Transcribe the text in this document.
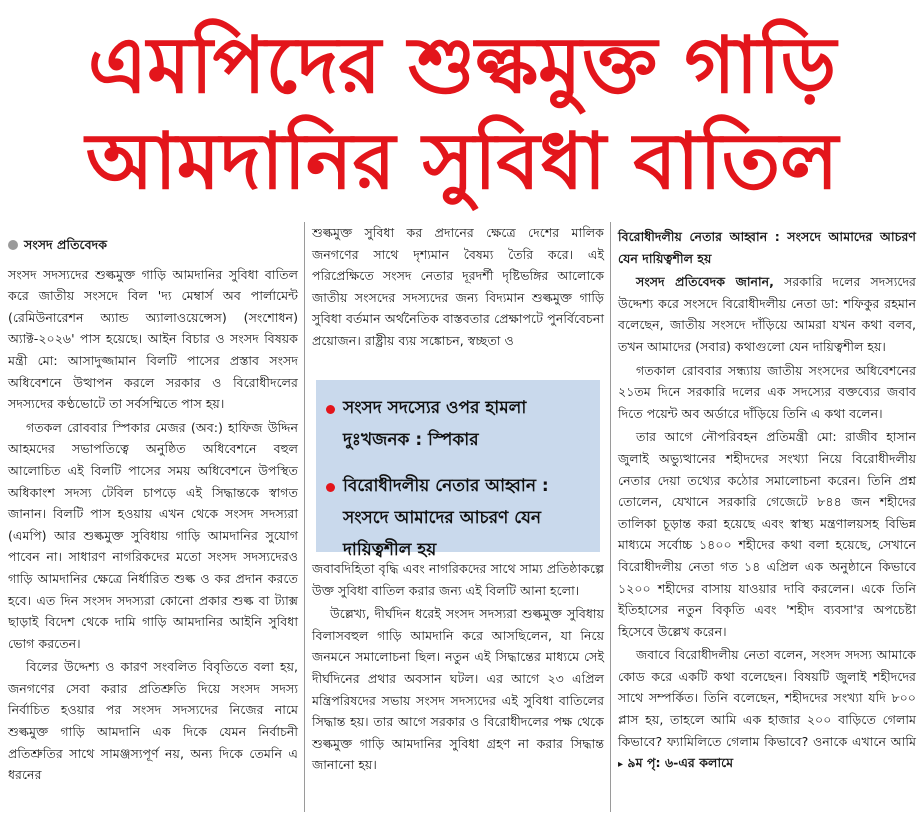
এমপিদের শুল্কমুক্ত গাড়ি
আমদানির সুবিধা বাতিল
সংসদ প্রতিবেদক

সংসদ সদস্যদের শুল্কমুক্ত গাড়ি আমদানির সুবিধা বাতিল করে জাতীয় সংসদে বিল 'দ্য মেম্বার্স অব পার্লামেন্ট (রেমিউনারেশন অ্যান্ড অ্যালাওয়েন্সেস) (সংশোধন) অ্যাক্ট-২০২৬' পাস হয়েছে। আইন বিচার ও সংসদ বিষয়ক মন্ত্রী মো: আসাদুজ্জামান বিলটি পাসের প্রস্তাব সংসদ অধিবেশনে উত্থাপন করলে সরকার ও বিরোধীদলের সদস্যদের কণ্ঠভোটে তা সর্বসম্মিতে পাস হয়।

গতকল রোববার স্পিকার মেজর (অব:) হাফিজ উদ্দিন আহমদের সভাপতিত্বে অনুষ্ঠিত অধিবেশনে বহুল আলোচিত এই বিলটি পাসের সময় অধিবেশনে উপস্থিত অধিকাংশ সদস্য টেবিল চাপড়ে এই সিদ্ধান্তকে স্বাগত জানান। বিলটি পাস হওয়ায় এখন থেকে সংসদ সদস্যরা (এমপি) আর শুল্কমুক্ত সুবিধায় গাড়ি আমদানির সুযোগ পাবেন না। সাধারণ নাগরিকদের মতো সংসদ সদস্যদেরও গাড়ি আমদানির ক্ষেত্রে নির্ধারিত শুল্ক ও কর প্রদান করতে হবে। এত দিন সংসদ সদস্যরা কোনো প্রকার শুল্ক বা ট্যাক্স ছাড়াই বিদেশ থেকে দামি গাড়ি আমদানির আইনি সুবিধা ভোগ করতেন।

বিলের উদ্দেশ্য ও কারণ সংবলিত বিবৃতিতে বলা হয়, জনগণের সেবা করার প্রতিশ্রুতি দিয়ে সংসদ সদস্য নির্বাচিত হওয়ার পর সংসদ সদস্যদের নিজের নামে শুল্কমুক্ত গাড়ি আমদানি এক দিকে যেমন নির্বাচনী প্রতিশ্রুতির সাথে সামঞ্জস্যপূর্ণ নয়, অন্য দিকে তেমনি এ ধরনের

শুল্কমুক্ত সুবিধা কর প্রদানের ক্ষেত্রে দেশের মালিক জনগণের সাথে দৃশ্যমান বৈষম্য তৈরি করে। এই পরিপ্রেক্ষিতে সংসদ নেতার দূরদর্শী দৃষ্টিভঙ্গির আলোকে জাতীয় সংসদের সদস্যদের জন্য বিদ্যমান শুল্কমুক্ত গাড়ি সুবিধা বর্তমান অর্থনৈতিক বাস্তবতার প্রেক্ষাপটে পুনর্বিবেচনা প্রয়োজন। রাষ্ট্রীয় ব্যয় সঙ্কোচন, স্বচ্ছতা ও

সংসদ সদস্যের ওপর হামলা দুঃখজনক : স্পিকার
বিরোধীদলীয় নেতার আহ্বান : সংসদে আমাদের আচরণ যেন দায়িত্বশীল হয়

জবাবদিহিতা বৃদ্ধি এবং নাগরিকদের সাথে সাম্য প্রতিষ্ঠাকল্পে উক্ত সুবিধা বাতিল করার জন্য এই বিলটি আনা হলো।

উল্লেখ্য, দীর্ঘদিন ধরেই সংসদ সদস্যরা শুল্কমুক্ত সুবিধায় বিলাসবহুল গাড়ি আমদানি করে আসছিলেন, যা নিয়ে জনমনে সমালোচনা ছিল। নতুন এই সিদ্ধান্তের মাধ্যমে সেই দীর্ঘদিনের প্রথার অবসান ঘটল। এর আগে ২৩ এপ্রিল মন্ত্রিপরিষদের সভায় সংসদ সদস্যদের এই সুবিধা বাতিলের সিদ্ধান্ত হয়। তার আগে সরকার ও বিরোধীদলের পক্ষ থেকে শুল্কমুক্ত গাড়ি আমদানির সুবিধা গ্রহণ না করার সিদ্ধান্ত জানানো হয়।

বিরোধীদলীয় নেতার আহ্বান : সংসদে আমাদের আচরণ যেন দায়িত্বশীল হয়

সংসদ প্রতিবেদক জানান, সরকারি দলের সদস্যদের উদ্দেশ্য করে সংসদে বিরোধীদলীয় নেতা ডা: শফিকুর রহমান বলেছেন, জাতীয় সংসদে দাঁড়িয়ে আমরা যখন কথা বলব, তখন আমাদের (সবার) কথাগুলো যেন দায়িত্বশীল হয়।

গতকাল রোববার সন্ধ্যায় জাতীয় সংসদের অধিবেশনের ২১তম দিনে সরকারি দলের এক সদস্যের বক্তব্যের জবাব দিতে পয়েন্ট অব অর্ডারে দাঁড়িয়ে তিনি এ কথা বলেন।

তার আগে নৌপরিবহন প্রতিমন্ত্রী মো: রাজীব হাসান জুলাই অভ্যুত্থানের শহীদদের সংখ্যা নিয়ে বিরোধীদলীয় নেতার দেয়া তথ্যের কঠোর সমালোচনা করেন। তিনি প্রশ্ন তোলেন, যেখানে সরকারি গেজেটে ৮৪৪ জন শহীদের তালিকা চূড়ান্ত করা হয়েছে এবং স্বাস্থ্য মন্ত্রণালয়সহ বিভিন্ন মাধ্যমে সর্বোচ্চ ১৪০০ শহীদের কথা বলা হয়েছে, সেখানে বিরোধীদলীয় নেতা গত ১৪ এপ্রিল এক অনুষ্ঠানে কিভাবে ১২০০ শহীদের বাসায় যাওয়ার দাবি করলেন। একে তিনি ইতিহাসের নতুন বিকৃতি এবং 'শহীদ ব্যবসা'র অপচেষ্টা হিসেবে উল্লেখ করেন।

জবাবে বিরোধীদলীয় নেতা বলেন, সংসদ সদস্য আমাকে কোড করে একটি কথা বলেছেন। বিষয়টি জুলাই শহীদদের সাথে সম্পর্কিত। তিনি বলেছেন, শহীদদের সংখ্যা যদি ৮০০ প্লাস হয়, তাহলে আমি এক হাজার ২০০ বাড়িতে গেলাম কিভাবে? ফ্যামিলিতে গেলাম কিভাবে? ওনাকে এখানে আমি ▸ ৯ম পৃ: ৬-এর কলামে
